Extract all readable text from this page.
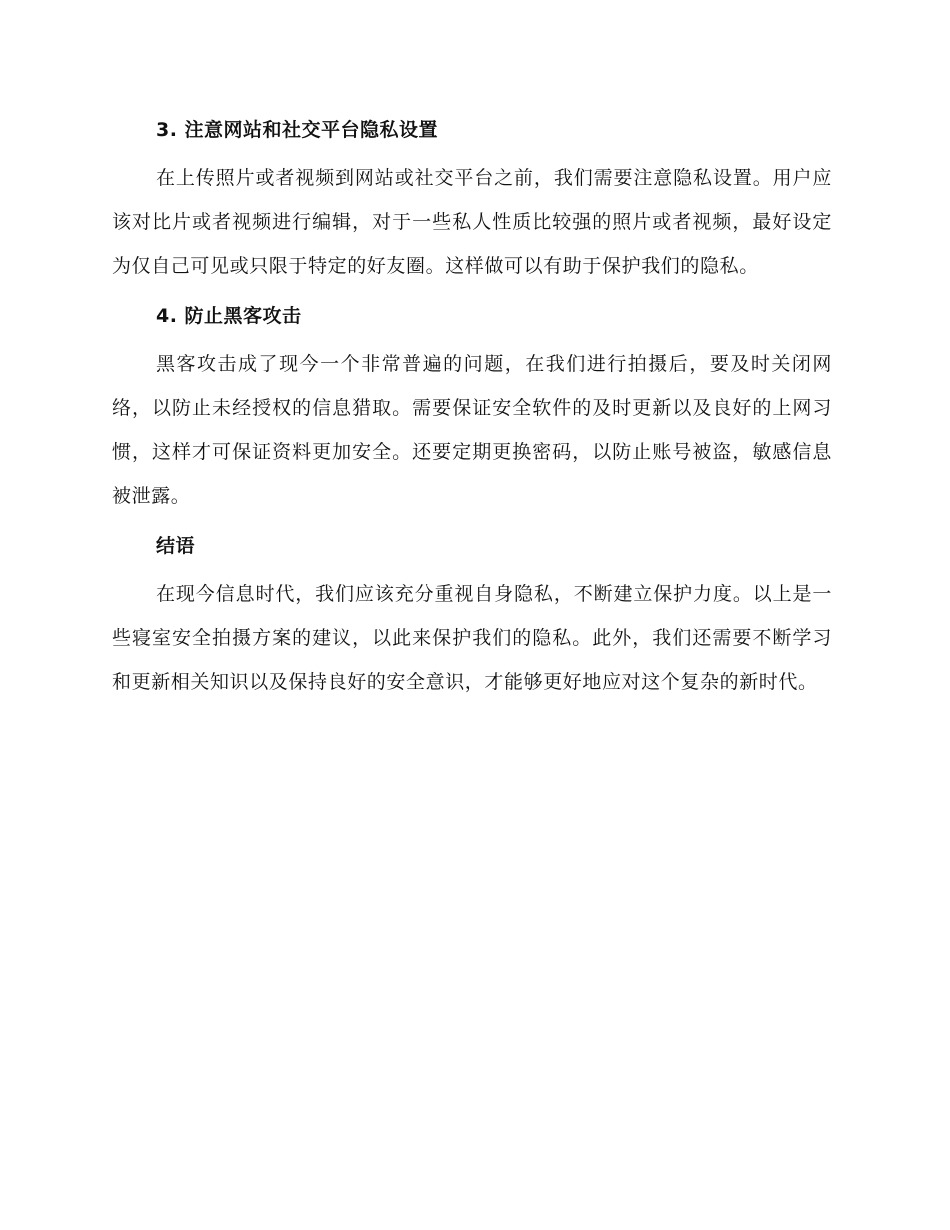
3. 注意网站和社交平台隐私设置

在上传照片或者视频到网站或社交平台之前，我们需要注意隐私设置。用户应该对比片或者视频进行编辑，对于一些私人性质比较强的照片或者视频，最好设定为仅自己可见或只限于特定的好友圈。这样做可以有助于保护我们的隐私。

4. 防止黑客攻击

黑客攻击成了现今一个非常普遍的问题，在我们进行拍摄后，要及时关闭网络，以防止未经授权的信息猎取。需要保证安全软件的及时更新以及良好的上网习惯，这样才可保证资料更加安全。还要定期更换密码，以防止账号被盗，敏感信息被泄露。

结语

在现今信息时代，我们应该充分重视自身隐私，不断建立保护力度。以上是一些寝室安全拍摄方案的建议，以此来保护我们的隐私。此外，我们还需要不断学习和更新相关知识以及保持良好的安全意识，才能够更好地应对这个复杂的新时代。
